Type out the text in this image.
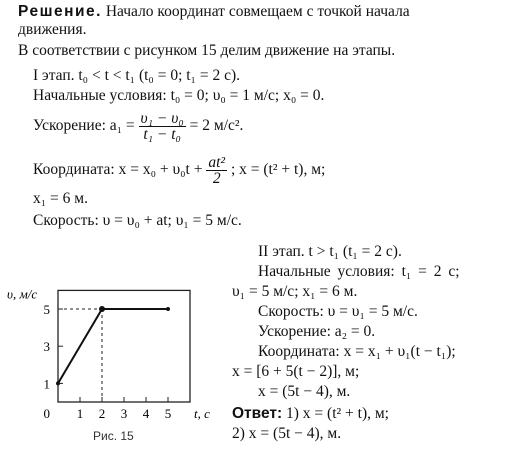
Решение. Начало координат совмещаем с точкой начала
движения.
В соответствии с рисунком 15 делим движение на этапы.
I этап. t₀ < t < t₁ (t₀ = 0; t₁ = 2 c).
Начальные условия: t₀ = 0; υ₀ = 1 м/с; x₀ = 0.
Ускорение: $a_1 = \frac{\text{υ₁ − υ₀}}{\text{t₁ − t₀}} = 2$ м/с².
Координата: $x = x_0 + \upsilon_0t + \frac{\text{at²}}{2}$ ; x = (t² + t), м;
x₁ = 6 м.
Скорость: υ = υ₀ + at; υ₁ = 5 м/с.
1
3
5
1 2 3 4 5
0
υ, м/с
t, c
Рис. 15
II этап. t > t₁ (t₁ = 2 c).
Начальные условия: t₁ = 2 c;
υ₁ = 5 м/с; x₁ = 6 м.
Скорость: υ = υ₁ = 5 м/с.
Ускорение: a₂ = 0.
Координата: x = x₁ + υ₁(t − t₁);
x = [6 + 5(t − 2)], м;
x = (5t − 4), м.
Ответ: 1) x = (t² + t), м;
2) x = (5t − 4), м.
